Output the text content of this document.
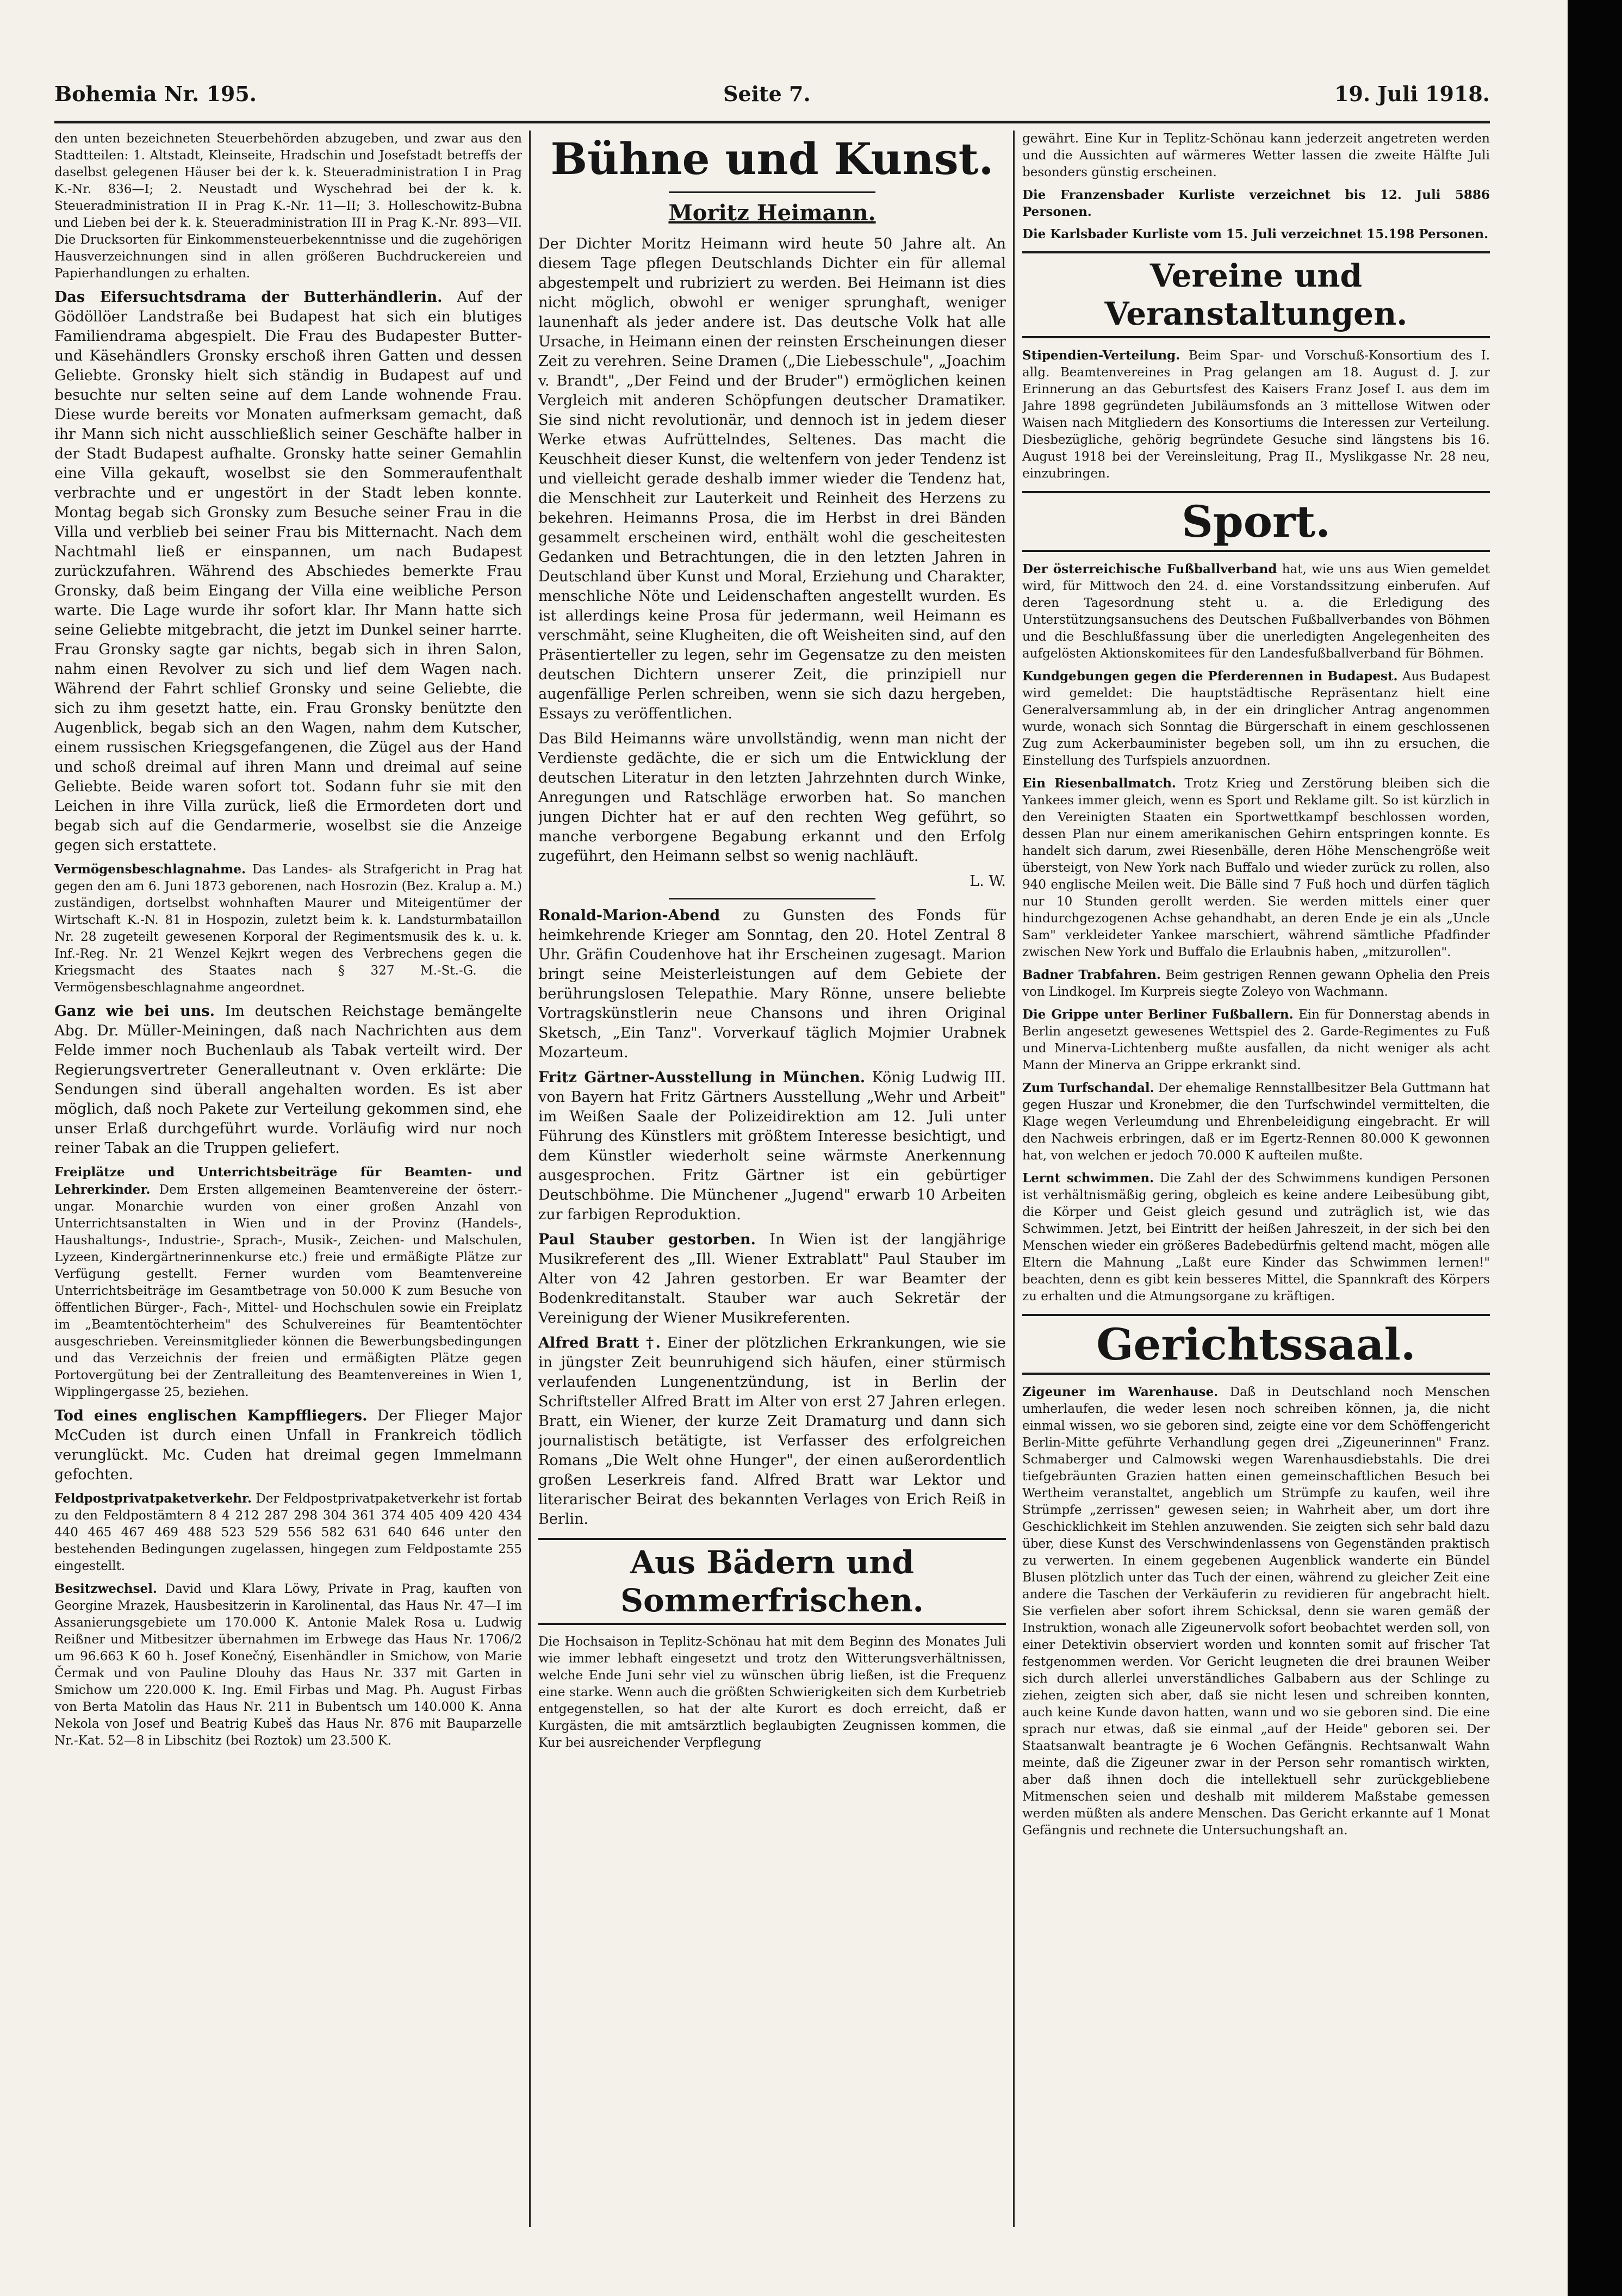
Bohemia Nr. 195.	Seite 7.	19. Juli 1918.

den unten bezeichneten Steuerbehörden abzugeben, und zwar aus den Stadtteilen: 1. Altstadt, Kleinseite, Hradschin und Josefstadt betreffs der daselbst gelegenen Häuser bei der k. k. Steueradministration I in Prag K.-Nr. 836—I; 2. Neustadt und Wyschehrad bei der k. k. Steueradministration II in Prag K.-Nr. 11—II; 3. Holleschowitz-Bubna und Lieben bei der k. k. Steueradministration III in Prag K.-Nr. 893—VII. Die Drucksorten für Einkommensteuerbekenntnisse und die zugehörigen Hausverzeichnungen sind in allen größeren Buchdruckereien und Papierhandlungen zu erhalten.

Das Eifersuchtsdrama der Butterhändlerin. Auf der Gödöllöer Landstraße bei Budapest hat sich ein blutiges Familiendrama abgespielt. Die Frau des Budapester Butter- und Käsehändlers Gronsky erschoß ihren Gatten und dessen Geliebte. Gronsky hielt sich ständig in Budapest auf und besuchte nur selten seine auf dem Lande wohnende Frau. Diese wurde bereits vor Monaten aufmerksam gemacht, daß ihr Mann sich nicht ausschließlich seiner Geschäfte halber in der Stadt Budapest aufhalte. Gronsky hatte seiner Gemahlin eine Villa gekauft, woselbst sie den Sommeraufenthalt verbrachte und er ungestört in der Stadt leben konnte. Montag begab sich Gronsky zum Besuche seiner Frau in die Villa und verblieb bei seiner Frau bis Mitternacht. Nach dem Nachtmahl ließ er einspannen, um nach Budapest zurückzufahren. Während des Abschiedes bemerkte Frau Gronsky, daß beim Eingang der Villa eine weibliche Person warte. Die Lage wurde ihr sofort klar. Ihr Mann hatte sich seine Geliebte mitgebracht, die jetzt im Dunkel seiner harrte. Frau Gronsky sagte gar nichts, begab sich in ihren Salon, nahm einen Revolver zu sich und lief dem Wagen nach. Während der Fahrt schlief Gronsky und seine Geliebte, die sich zu ihm gesetzt hatte, ein. Frau Gronsky benützte den Augenblick, begab sich an den Wagen, nahm dem Kutscher, einem russischen Kriegsgefangenen, die Zügel aus der Hand und schoß dreimal auf ihren Mann und dreimal auf seine Geliebte. Beide waren sofort tot. Sodann fuhr sie mit den Leichen in ihre Villa zurück, ließ die Ermordeten dort und begab sich auf die Gendarmerie, woselbst sie die Anzeige gegen sich erstattete.

Vermögensbeschlagnahme. Das Landes- als Strafgericht in Prag hat gegen den am 6. Juni 1873 geborenen, nach Hosrozin (Bez. Kralup a. M.) zuständigen, dortselbst wohnhaften Maurer und Miteigentümer der Wirtschaft K.-N. 81 in Hospozin, zuletzt beim k. k. Landsturmbataillon Nr. 28 zugeteilt gewesenen Korporal der Regimentsmusik des k. u. k. Inf.-Reg. Nr. 21 Wenzel Kejkrt wegen des Verbrechens gegen die Kriegsmacht des Staates nach § 327 M.-St.-G. die Vermögensbeschlagnahme angeordnet.

Ganz wie bei uns. Im deutschen Reichstage bemängelte Abg. Dr. Müller-Meiningen, daß nach Nachrichten aus dem Felde immer noch Buchenlaub als Tabak verteilt wird. Der Regierungsvertreter Generalleutnant v. Oven erklärte: Die Sendungen sind überall angehalten worden. Es ist aber möglich, daß noch Pakete zur Verteilung gekommen sind, ehe unser Erlaß durchgeführt wurde. Vorläufig wird nur noch reiner Tabak an die Truppen geliefert.

Freiplätze und Unterrichtsbeiträge für Beamten- und Lehrerkinder. Dem Ersten allgemeinen Beamtenvereine der österr.-ungar. Monarchie wurden von einer großen Anzahl von Unterrichtsanstalten in Wien und in der Provinz (Handels-, Haushaltungs-, Industrie-, Sprach-, Musik-, Zeichen- und Malschulen, Lyzeen, Kindergärtnerinnenkurse etc.) freie und ermäßigte Plätze zur Verfügung gestellt. Ferner wurden vom Beamtenvereine Unterrichtsbeiträge im Gesamtbetrage von 50.000 K zum Besuche von öffentlichen Bürger-, Fach-, Mittel- und Hochschulen sowie ein Freiplatz im „Beamtentöchterheim" des Schulvereines für Beamtentöchter ausgeschrieben. Vereinsmitglieder können die Bewerbungsbedingungen und das Verzeichnis der freien und ermäßigten Plätze gegen Portovergütung bei der Zentralleitung des Beamtenvereines in Wien 1, Wipplingergasse 25, beziehen.

Tod eines englischen Kampffliegers. Der Flieger Major McCuden ist durch einen Unfall in Frankreich tödlich verunglückt. Mc. Cuden hat dreimal gegen Immelmann gefochten.

Feldpostprivatpaketverkehr. Der Feldpostprivatpaketverkehr ist fortab zu den Feldpostämtern 8 4 212 287 298 304 361 374 405 409 420 434 440 465 467 469 488 523 529 556 582 631 640 646 unter den bestehenden Bedingungen zugelassen, hingegen zum Feldpostamte 255 eingestellt.

Besitzwechsel. David und Klara Löwy, Private in Prag, kauften von Georgine Mrazek, Hausbesitzerin in Karolinental, das Haus Nr. 47—I im Assanierungsgebiete um 170.000 K. Antonie Malek Rosa u. Ludwig Reißner und Mitbesitzer übernahmen im Erbwege das Haus Nr. 1706/2 um 96.663 K 60 h. Josef Konečný, Eisenhändler in Smichow, von Marie Čermak und von Pauline Dlouhy das Haus Nr. 337 mit Garten in Smichow um 220.000 K. Ing. Emil Firbas und Mag. Ph. August Firbas von Berta Matolin das Haus Nr. 211 in Bubentsch um 140.000 K. Anna Nekola von Josef und Beatrig Kubeš das Haus Nr. 876 mit Bauparzelle Nr.-Kat. 52—8 in Libschitz (bei Roztok) um 23.500 K.

Bühne und Kunst.
Moritz Heimann.

Der Dichter Moritz Heimann wird heute 50 Jahre alt. An diesem Tage pflegen Deutschlands Dichter ein für allemal abgestempelt und rubriziert zu werden. Bei Heimann ist dies nicht möglich, obwohl er weniger sprunghaft, weniger launenhaft als jeder andere ist. Das deutsche Volk hat alle Ursache, in Heimann einen der reinsten Erscheinungen dieser Zeit zu verehren. Seine Dramen („Die Liebesschule", „Joachim v. Brandt", „Der Feind und der Bruder") ermöglichen keinen Vergleich mit anderen Schöpfungen deutscher Dramatiker. Sie sind nicht revolutionär, und dennoch ist in jedem dieser Werke etwas Aufrüttelndes, Seltenes. Das macht die Keuschheit dieser Kunst, die weltenfern von jeder Tendenz ist und vielleicht gerade deshalb immer wieder die Tendenz hat, die Menschheit zur Lauterkeit und Reinheit des Herzens zu bekehren. Heimanns Prosa, die im Herbst in drei Bänden gesammelt erscheinen wird, enthält wohl die gescheitesten Gedanken und Betrachtungen, die in den letzten Jahren in Deutschland über Kunst und Moral, Erziehung und Charakter, menschliche Nöte und Leidenschaften angestellt wurden. Es ist allerdings keine Prosa für jedermann, weil Heimann es verschmäht, seine Klugheiten, die oft Weisheiten sind, auf den Präsentierteller zu legen, sehr im Gegensatze zu den meisten deutschen Dichtern unserer Zeit, die prinzipiell nur augenfällige Perlen schreiben, wenn sie sich dazu hergeben, Essays zu veröffentlichen.

Das Bild Heimanns wäre unvollständig, wenn man nicht der Verdienste gedächte, die er sich um die Entwicklung der deutschen Literatur in den letzten Jahrzehnten durch Winke, Anregungen und Ratschläge erworben hat. So manchen jungen Dichter hat er auf den rechten Weg geführt, so manche verborgene Begabung erkannt und den Erfolg zugeführt, den Heimann selbst so wenig nachläuft.

L. W.

Ronald-Marion-Abend zu Gunsten des Fonds für heimkehrende Krieger am Sonntag, den 20. Hotel Zentral 8 Uhr. Gräfin Coudenhove hat ihr Erscheinen zugesagt. Marion bringt seine Meisterleistungen auf dem Gebiete der berührungslosen Telepathie. Mary Rönne, unsere beliebte Vortragskünstlerin neue Chansons und ihren Original Sketsch, „Ein Tanz". Vorverkauf täglich Mojmier Urabnek Mozarteum.

Fritz Gärtner-Ausstellung in München. König Ludwig III. von Bayern hat Fritz Gärtners Ausstellung „Wehr und Arbeit" im Weißen Saale der Polizeidirektion am 12. Juli unter Führung des Künstlers mit größtem Interesse besichtigt, und dem Künstler wiederholt seine wärmste Anerkennung ausgesprochen. Fritz Gärtner ist ein gebürtiger Deutschböhme. Die Münchener „Jugend" erwarb 10 Arbeiten zur farbigen Reproduktion.

Paul Stauber gestorben. In Wien ist der langjährige Musikreferent des „Ill. Wiener Extrablatt" Paul Stauber im Alter von 42 Jahren gestorben. Er war Beamter der Bodenkreditanstalt. Stauber war auch Sekretär der Vereinigung der Wiener Musikreferenten.

Alfred Bratt †. Einer der plötzlichen Erkrankungen, wie sie in jüngster Zeit beunruhigend sich häufen, einer stürmisch verlaufenden Lungenentzündung, ist in Berlin der Schriftsteller Alfred Bratt im Alter von erst 27 Jahren erlegen. Bratt, ein Wiener, der kurze Zeit Dramaturg und dann sich journalistisch betätigte, ist Verfasser des erfolgreichen Romans „Die Welt ohne Hunger", der einen außerordentlich großen Leserkreis fand. Alfred Bratt war Lektor und literarischer Beirat des bekannten Verlages von Erich Reiß in Berlin.

Aus Bädern und Sommerfrischen.

Die Hochsaison in Teplitz-Schönau hat mit dem Beginn des Monates Juli wie immer lebhaft eingesetzt und trotz den Witterungsverhältnissen, welche Ende Juni sehr viel zu wünschen übrig ließen, ist die Frequenz eine starke. Wenn auch die größten Schwierigkeiten sich dem Kurbetrieb entgegenstellen, so hat der alte Kurort es doch erreicht, daß er Kurgästen, die mit amtsärztlich beglaubigten Zeugnissen kommen, die Kur bei ausreichender Verpflegung

gewährt. Eine Kur in Teplitz-Schönau kann jederzeit angetreten werden und die Aussichten auf wärmeres Wetter lassen die zweite Hälfte Juli besonders günstig erscheinen.

Die Franzensbader Kurliste verzeichnet bis 12. Juli 5886 Personen.

Die Karlsbader Kurliste vom 15. Juli verzeichnet 15.198 Personen.

Vereine und Veranstaltungen.

Stipendien-Verteilung. Beim Spar- und Vorschuß-Konsortium des I. allg. Beamtenvereines in Prag gelangen am 18. August d. J. zur Erinnerung an das Geburtsfest des Kaisers Franz Josef I. aus dem im Jahre 1898 gegründeten Jubiläumsfonds an 3 mittellose Witwen oder Waisen nach Mitgliedern des Konsortiums die Interessen zur Verteilung. Diesbezügliche, gehörig begründete Gesuche sind längstens bis 16. August 1918 bei der Vereinsleitung, Prag II., Myslikgasse Nr. 28 neu, einzubringen.

Sport.

Der österreichische Fußballverband hat, wie uns aus Wien gemeldet wird, für Mittwoch den 24. d. eine Vorstandssitzung einberufen. Auf deren Tagesordnung steht u. a. die Erledigung des Unterstützungsansuchens des Deutschen Fußballverbandes von Böhmen und die Beschlußfassung über die unerledigten Angelegenheiten des aufgelösten Aktionskomitees für den Landesfußballverband für Böhmen.

Kundgebungen gegen die Pferderennen in Budapest. Aus Budapest wird gemeldet: Die hauptstädtische Repräsentanz hielt eine Generalversammlung ab, in der ein dringlicher Antrag angenommen wurde, wonach sich Sonntag die Bürgerschaft in einem geschlossenen Zug zum Ackerbauminister begeben soll, um ihn zu ersuchen, die Einstellung des Turfspiels anzuordnen.

Ein Riesenballmatch. Trotz Krieg und Zerstörung bleiben sich die Yankees immer gleich, wenn es Sport und Reklame gilt. So ist kürzlich in den Vereinigten Staaten ein Sportwettkampf beschlossen worden, dessen Plan nur einem amerikanischen Gehirn entspringen konnte. Es handelt sich darum, zwei Riesenbälle, deren Höhe Menschengröße weit übersteigt, von New York nach Buffalo und wieder zurück zu rollen, also 940 englische Meilen weit. Die Bälle sind 7 Fuß hoch und dürfen täglich nur 10 Stunden gerollt werden. Sie werden mittels einer quer hindurchgezogenen Achse gehandhabt, an deren Ende je ein als „Uncle Sam" verkleideter Yankee marschiert, während sämtliche Pfadfinder zwischen New York und Buffalo die Erlaubnis haben, „mitzurollen".

Badner Trabfahren. Beim gestrigen Rennen gewann Ophelia den Preis von Lindkogel. Im Kurpreis siegte Zoleyo von Wachmann.

Die Grippe unter Berliner Fußballern. Ein für Donnerstag abends in Berlin angesetzt gewesenes Wettspiel des 2. Garde-Regimentes zu Fuß und Minerva-Lichtenberg mußte ausfallen, da nicht weniger als acht Mann der Minerva an Grippe erkrankt sind.

Zum Turfschandal. Der ehemalige Rennstallbesitzer Bela Guttmann hat gegen Huszar und Kronebmer, die den Turfschwindel vermittelten, die Klage wegen Verleumdung und Ehrenbeleidigung eingebracht. Er will den Nachweis erbringen, daß er im Egertz-Rennen 80.000 K gewonnen hat, von welchen er jedoch 70.000 K aufteilen mußte.

Lernt schwimmen. Die Zahl der des Schwimmens kundigen Personen ist verhältnismäßig gering, obgleich es keine andere Leibesübung gibt, die Körper und Geist gleich gesund und zuträglich ist, wie das Schwimmen. Jetzt, bei Eintritt der heißen Jahreszeit, in der sich bei den Menschen wieder ein größeres Badebedürfnis geltend macht, mögen alle Eltern die Mahnung „Laßt eure Kinder das Schwimmen lernen!" beachten, denn es gibt kein besseres Mittel, die Spannkraft des Körpers zu erhalten und die Atmungsorgane zu kräftigen.

Gerichtssaal.

Zigeuner im Warenhause. Daß in Deutschland noch Menschen umherlaufen, die weder lesen noch schreiben können, ja, die nicht einmal wissen, wo sie geboren sind, zeigte eine vor dem Schöffengericht Berlin-Mitte geführte Verhandlung gegen drei „Zigeunerinnen" Franz. Schmaberger und Calmowski wegen Warenhausdiebstahls. Die drei tiefgebräunten Grazien hatten einen gemeinschaftlichen Besuch bei Wertheim veranstaltet, angeblich um Strümpfe zu kaufen, weil ihre Strümpfe „zerrissen" gewesen seien; in Wahrheit aber, um dort ihre Geschicklichkeit im Stehlen anzuwenden. Sie zeigten sich sehr bald dazu über, diese Kunst des Verschwindenlassens von Gegenständen praktisch zu verwerten. In einem gegebenen Augenblick wanderte ein Bündel Blusen plötzlich unter das Tuch der einen, während zu gleicher Zeit eine andere die Taschen der Verkäuferin zu revidieren für angebracht hielt. Sie verfielen aber sofort ihrem Schicksal, denn sie waren gemäß der Instruktion, wonach alle Zigeunervolk sofort beobachtet werden soll, von einer Detektivin observiert worden und konnten somit auf frischer Tat festgenommen werden. Vor Gericht leugneten die drei braunen Weiber sich durch allerlei unverständliches Galbabern aus der Schlinge zu ziehen, zeigten sich aber, daß sie nicht lesen und schreiben konnten, auch keine Kunde davon hatten, wann und wo sie geboren sind. Die eine sprach nur etwas, daß sie einmal „auf der Heide" geboren sei. Der Staatsanwalt beantragte je 6 Wochen Gefängnis. Rechtsanwalt Wahn meinte, daß die Zigeuner zwar in der Person sehr romantisch wirkten, aber daß ihnen doch die intellektuell sehr zurückgebliebene Mitmenschen seien und deshalb mit milderem Maßstabe gemessen werden müßten als andere Menschen. Das Gericht erkannte auf 1 Monat Gefängnis und rechnete die Untersuchungshaft an.
